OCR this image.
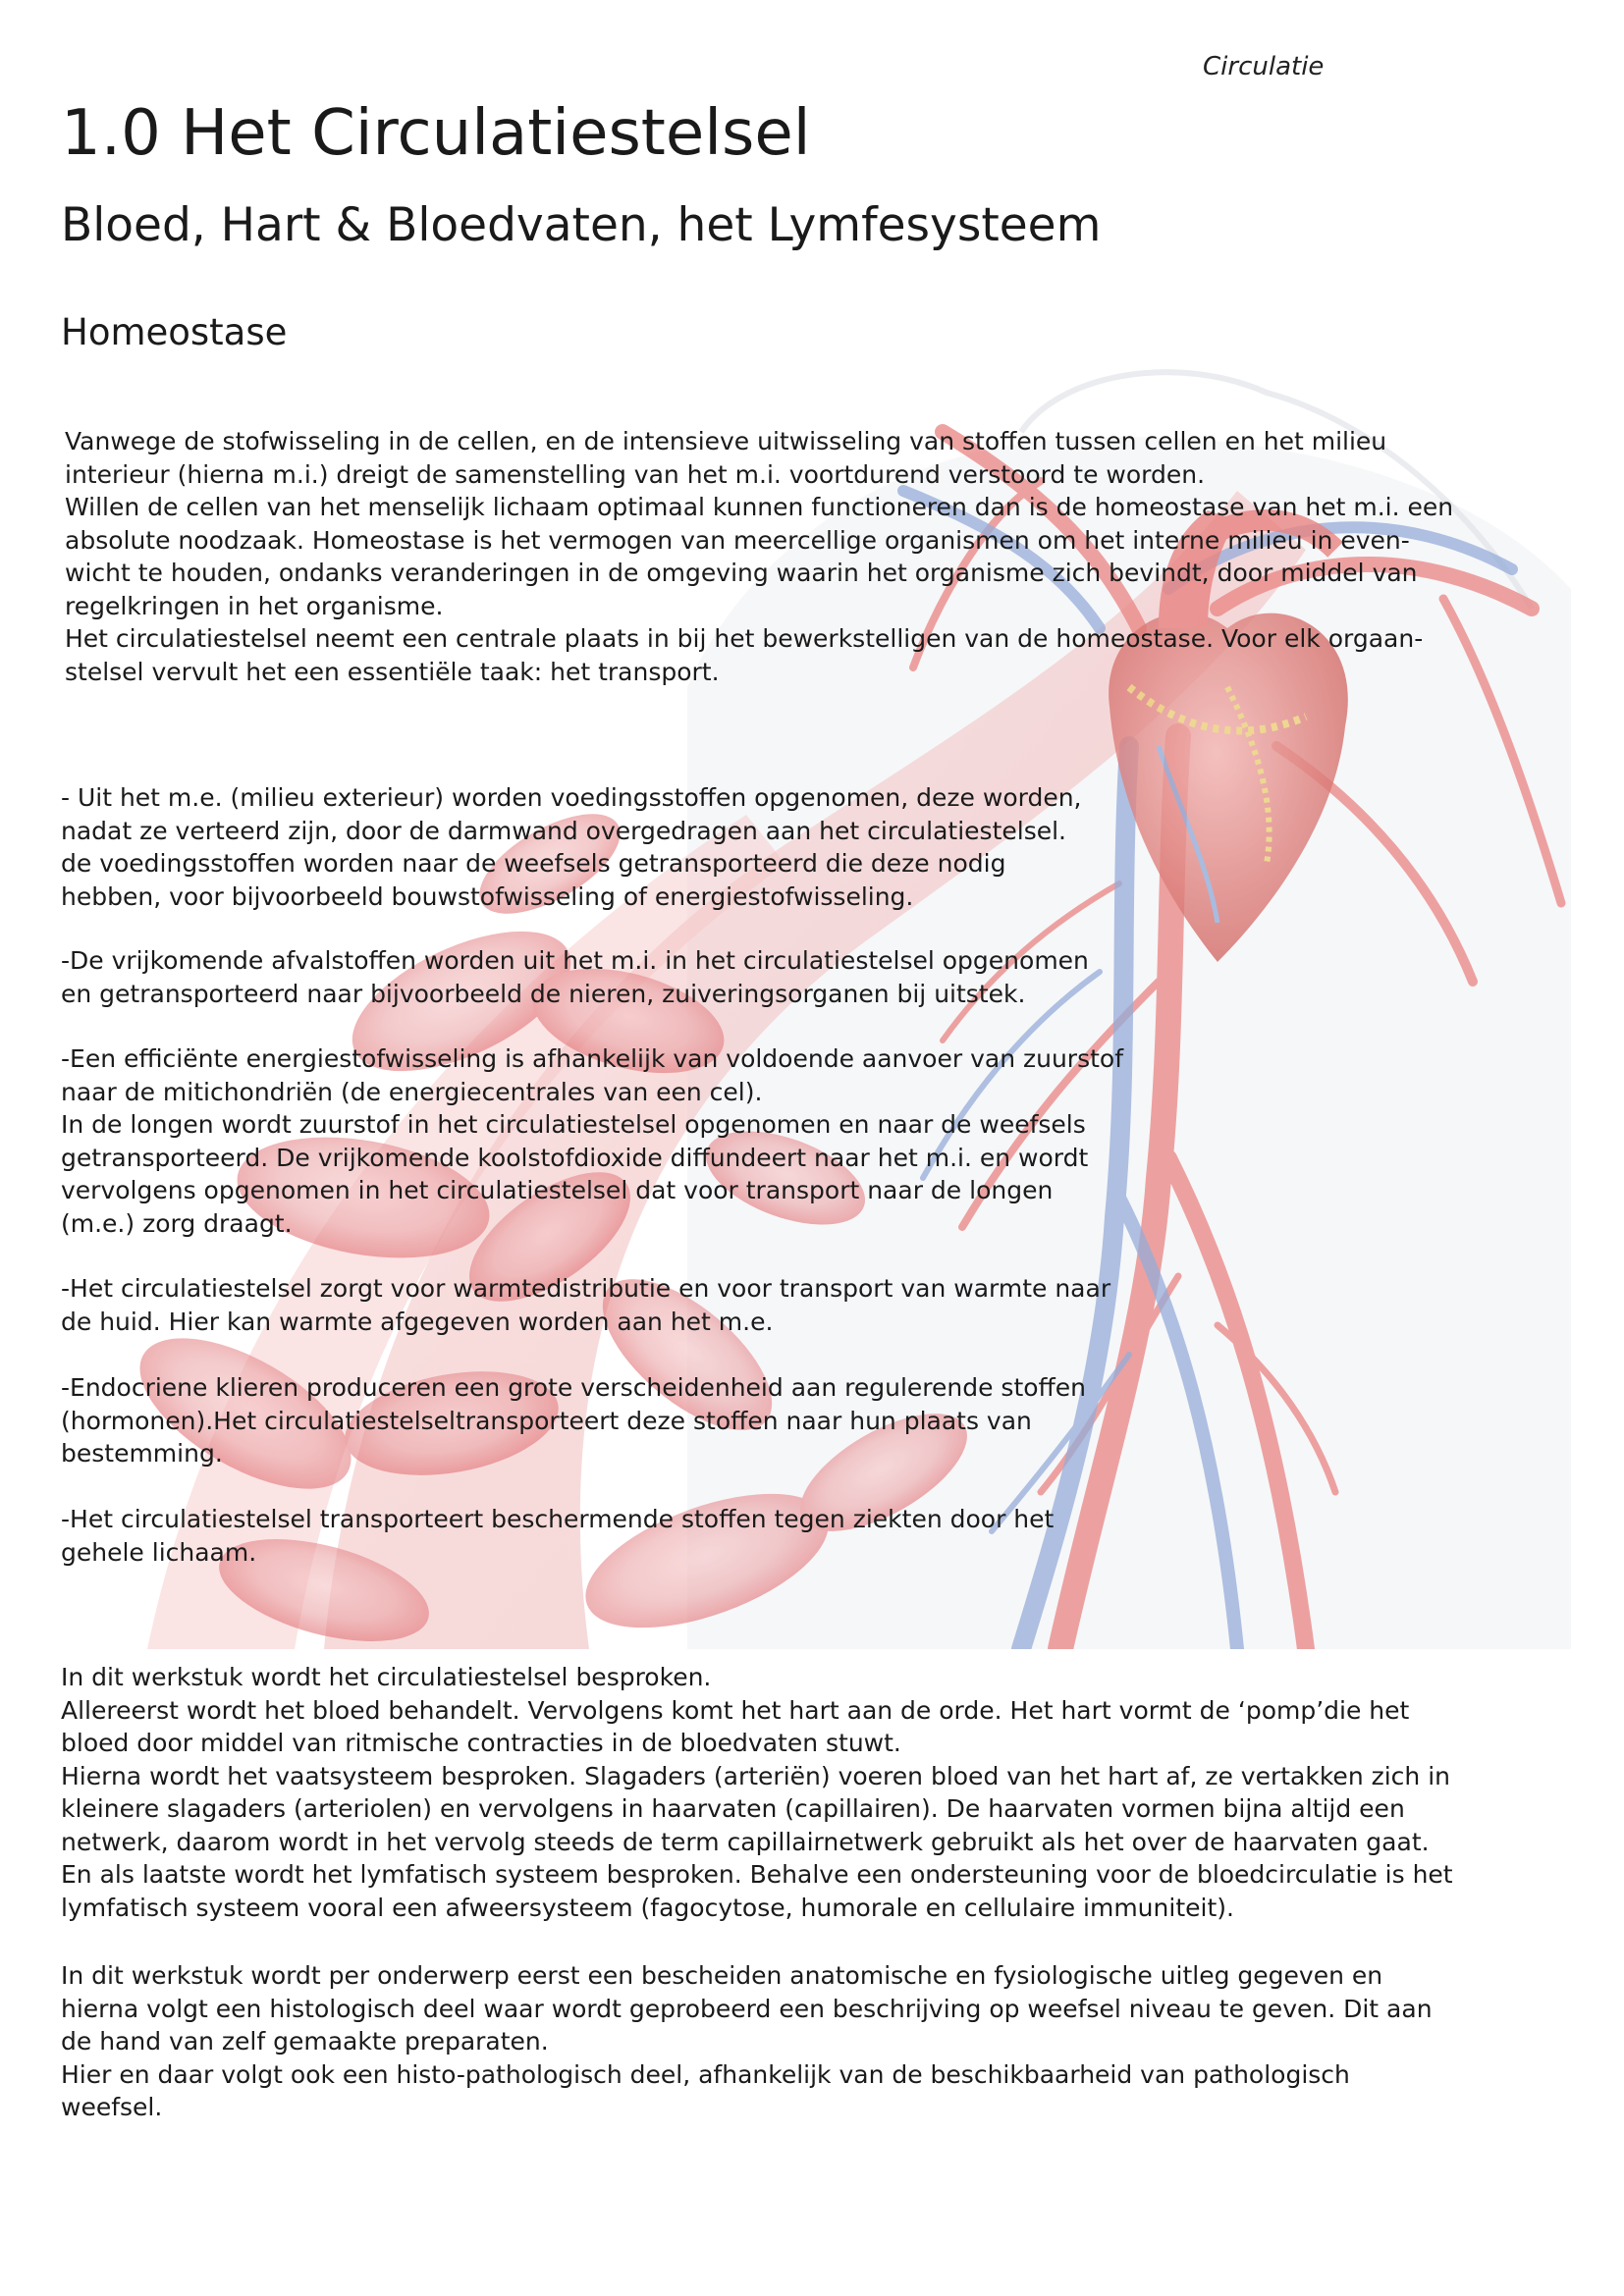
Circulatie
1.0 Het Circulatiestelsel
Bloed, Hart & Bloedvaten, het Lymfesysteem
Homeostase

Vanwege de stofwisseling in de cellen, en de intensieve uitwisseling van stoffen tussen cellen en het milieu
interieur (hierna m.i.) dreigt de samenstelling van het m.i. voortdurend verstoord te worden.
Willen de cellen van het menselijk lichaam optimaal kunnen functioneren dan is de homeostase van het m.i. een
absolute noodzaak. Homeostase is het vermogen van meercellige organismen om het interne milieu in even-
wicht te houden, ondanks veranderingen in de omgeving waarin het organisme zich bevindt, door middel van
regelkringen in het organisme.
Het circulatiestelsel neemt een centrale plaats in bij het bewerkstelligen van de homeostase. Voor elk orgaan-
stelsel vervult het een essentiële taak: het transport.

- Uit het m.e. (milieu exterieur) worden voedingsstoffen opgenomen, deze worden,
nadat ze verteerd zijn, door de darmwand overgedragen aan het circulatiestelsel.
de voedingsstoffen worden naar de weefsels getransporteerd die deze nodig
hebben, voor bijvoorbeeld bouwstofwisseling of energiestofwisseling.

-De vrijkomende afvalstoffen worden uit het m.i. in het circulatiestelsel opgenomen
en getransporteerd naar bijvoorbeeld de nieren, zuiveringsorganen bij uitstek.

-Een efficiënte energiestofwisseling is afhankelijk van voldoende aanvoer van zuurstof
naar de mitichondriën (de energiecentrales van een cel).
In de longen wordt zuurstof in het circulatiestelsel opgenomen en naar de weefsels
getransporteerd. De vrijkomende koolstofdioxide diffundeert naar het m.i. en wordt
vervolgens opgenomen in het circulatiestelsel dat voor transport naar de longen
(m.e.) zorg draagt.

-Het circulatiestelsel zorgt voor warmtedistributie en voor transport van warmte naar
de huid. Hier kan warmte afgegeven worden aan het m.e.

-Endocriene klieren produceren een grote verscheidenheid aan regulerende stoffen
(hormonen).Het circulatiestelseltransporteert deze stoffen naar hun plaats van
bestemming.

-Het circulatiestelsel transporteert beschermende stoffen tegen ziekten door het
gehele lichaam.

In dit werkstuk wordt het circulatiestelsel besproken.
Allereerst wordt het bloed behandelt. Vervolgens komt het hart aan de orde. Het hart vormt de ‘pomp’die het
bloed door middel van ritmische contracties in de bloedvaten stuwt.
Hierna wordt het vaatsysteem besproken. Slagaders (arteriën) voeren bloed van het hart af, ze vertakken zich in
kleinere slagaders (arteriolen) en vervolgens in haarvaten (capillairen). De haarvaten vormen bijna altijd een
netwerk, daarom wordt in het vervolg steeds de term capillairnetwerk gebruikt als het over de haarvaten gaat.
En als laatste wordt het lymfatisch systeem besproken. Behalve een ondersteuning voor de bloedcirculatie is het
lymfatisch systeem vooral een afweersysteem (fagocytose, humorale en cellulaire immuniteit).

In dit werkstuk wordt per onderwerp eerst een bescheiden anatomische en fysiologische uitleg gegeven en
hierna volgt een histologisch deel waar wordt geprobeerd een beschrijving op weefsel niveau te geven. Dit aan
de hand van zelf gemaakte preparaten.
Hier en daar volgt ook een histo-pathologisch deel, afhankelijk van de beschikbaarheid van pathologisch
weefsel.
